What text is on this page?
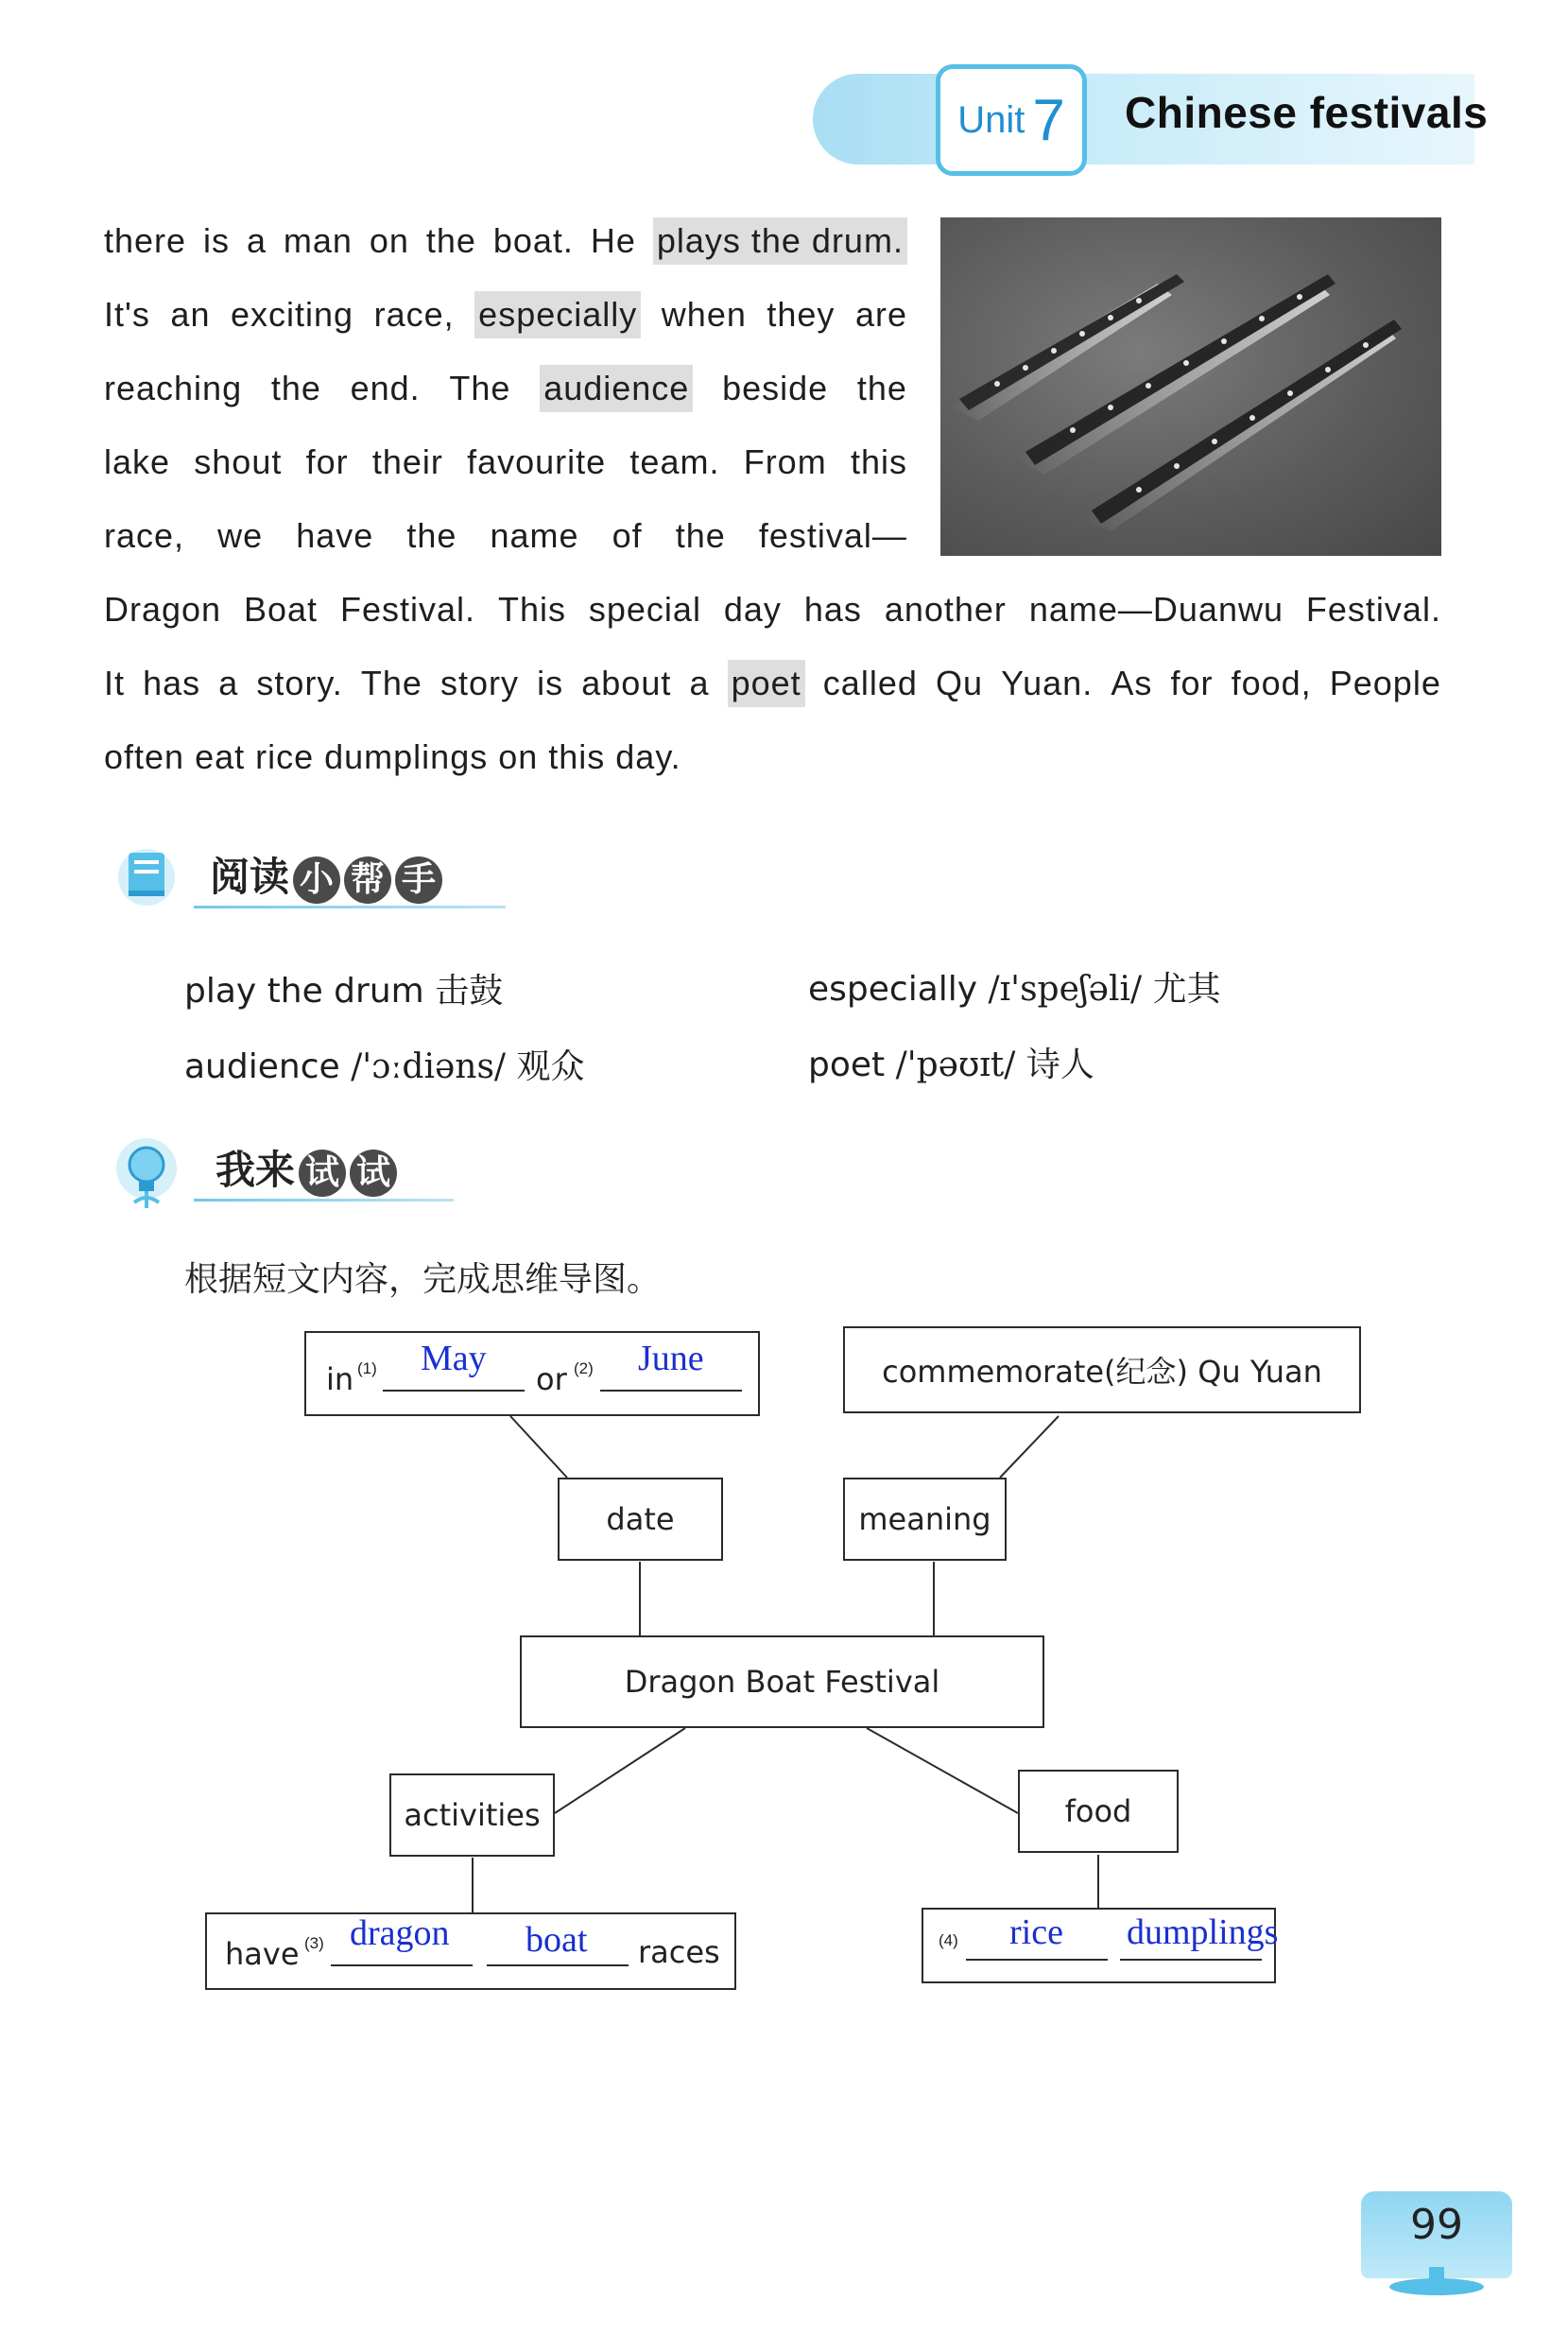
Unit 7 Chinese festivals
there is a man on the boat. He plays the drum.
It's an exciting race, especially when they are
reaching the end. The audience beside the
lake shout for their favourite team. From this
race, we have the name of the festival—
Dragon Boat Festival. This special day has another name—Duanwu Festival.
It has a story. The story is about a poet called Qu Yuan. As for food, People
often eat rice dumplings on this day.
阅读 小 帮 手
play the drum 击鼓	especially /ɪ'speʃəli/ 尤其
audience /'ɔːdiəns/ 观众	poet /'pəʊɪt/ 诗人
我来 试 试
根据短文内容，完成思维导图。
in (1) May
or (2) June	commemorate(纪念) Qu Yuan
date	meaning
Dragon Boat Festival
activities	food
have (3) dragon boat races	(4) rice dumplings
99
